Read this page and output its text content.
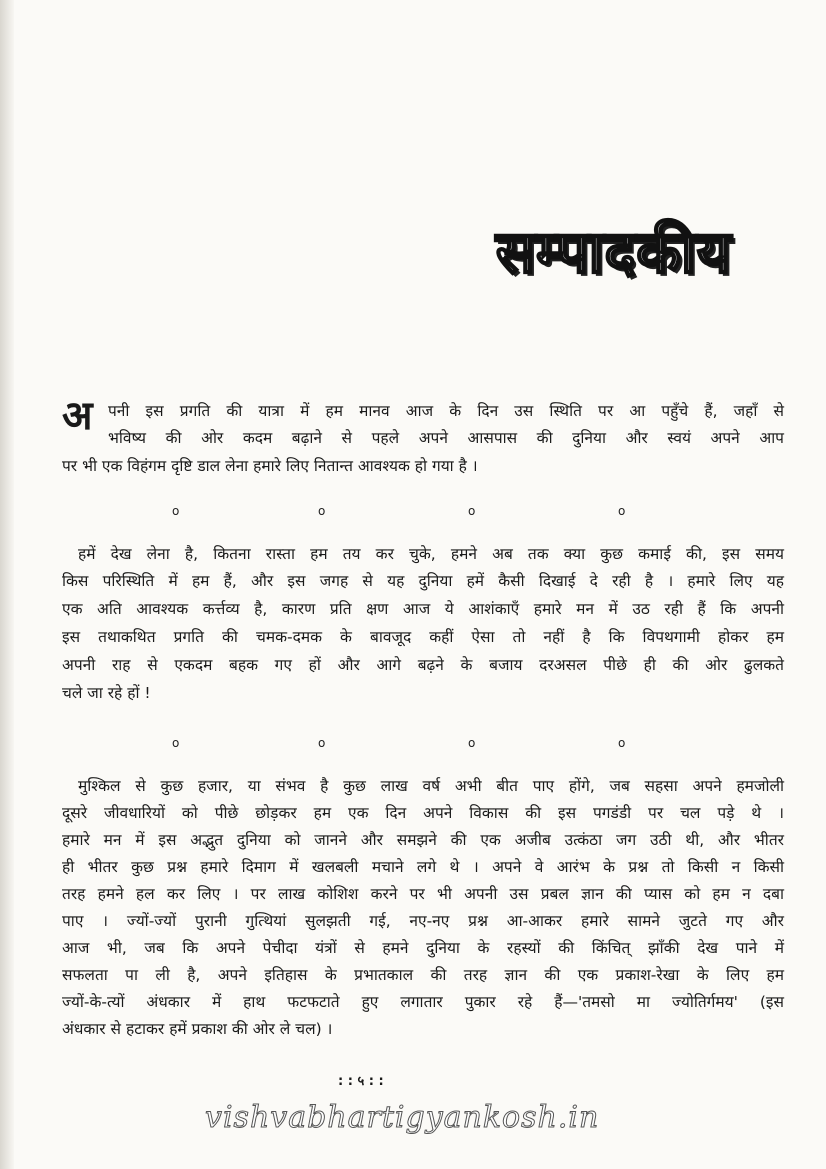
सम्पादकीय
अ पनी इस प्रगति की यात्रा में हम मानव आज के दिन उस स्थिति पर आ पहुँचे हैं, जहाँ से
भविष्य की ओर कदम बढ़ाने से पहले अपने आसपास की दुनिया और स्वयं अपने आप
पर भी एक विहंगम दृष्टि डाल लेना हमारे लिए नितान्त आवश्यक हो गया है ।
o	o	o	o
हमें देख लेना है, कितना रास्ता हम तय कर चुके, हमने अब तक क्या कुछ कमाई की, इस समय
किस परिस्थिति में हम हैं, और इस जगह से यह दुनिया हमें कैसी दिखाई दे रही है । हमारे लिए यह
एक अति आवश्यक कर्त्तव्य है, कारण प्रति क्षण आज ये आशंकाएँ हमारे मन में उठ रही हैं कि अपनी
इस तथाकथित प्रगति की चमक-दमक के बावजूद कहीं ऐसा तो नहीं है कि विपथगामी होकर हम
अपनी राह से एकदम बहक गए हों और आगे बढ़ने के बजाय दरअसल पीछे ही की ओर ढुलकते
चले जा रहे हों !
o	o	o	o
मुश्किल से कुछ हजार, या संभव है कुछ लाख वर्ष अभी बीत पाए होंगे, जब सहसा अपने हमजोली
दूसरे जीवधारियों को पीछे छोड़कर हम एक दिन अपने विकास की इस पगडंडी पर चल पड़े थे ।
हमारे मन में इस अद्भुत दुनिया को जानने और समझने की एक अजीब उत्कंठा जग उठी थी, और भीतर
ही भीतर कुछ प्रश्न हमारे दिमाग में खलबली मचाने लगे थे । अपने वे आरंभ के प्रश्न तो किसी न किसी
तरह हमने हल कर लिए । पर लाख कोशिश करने पर भी अपनी उस प्रबल ज्ञान की प्यास को हम न दबा
पाए । ज्यों-ज्यों पुरानी गुत्थियां सुलझती गई, नए-नए प्रश्न आ-आकर हमारे सामने जुटते गए और
आज भी, जब कि अपने पेचीदा यंत्रों से हमने दुनिया के रहस्यों की किंचित् झाँकी देख पाने में
सफलता पा ली है, अपने इतिहास के प्रभातकाल की तरह ज्ञान की एक प्रकाश-रेखा के लिए हम
ज्यों-के-त्यों अंधकार में हाथ फटफटाते हुए लगातार पुकार रहे हैं—'तमसो मा ज्योतिर्गमय' (इस
अंधकार से हटाकर हमें प्रकाश की ओर ले चल) ।
: : ५ : :
vishvabhartigyankosh.in
